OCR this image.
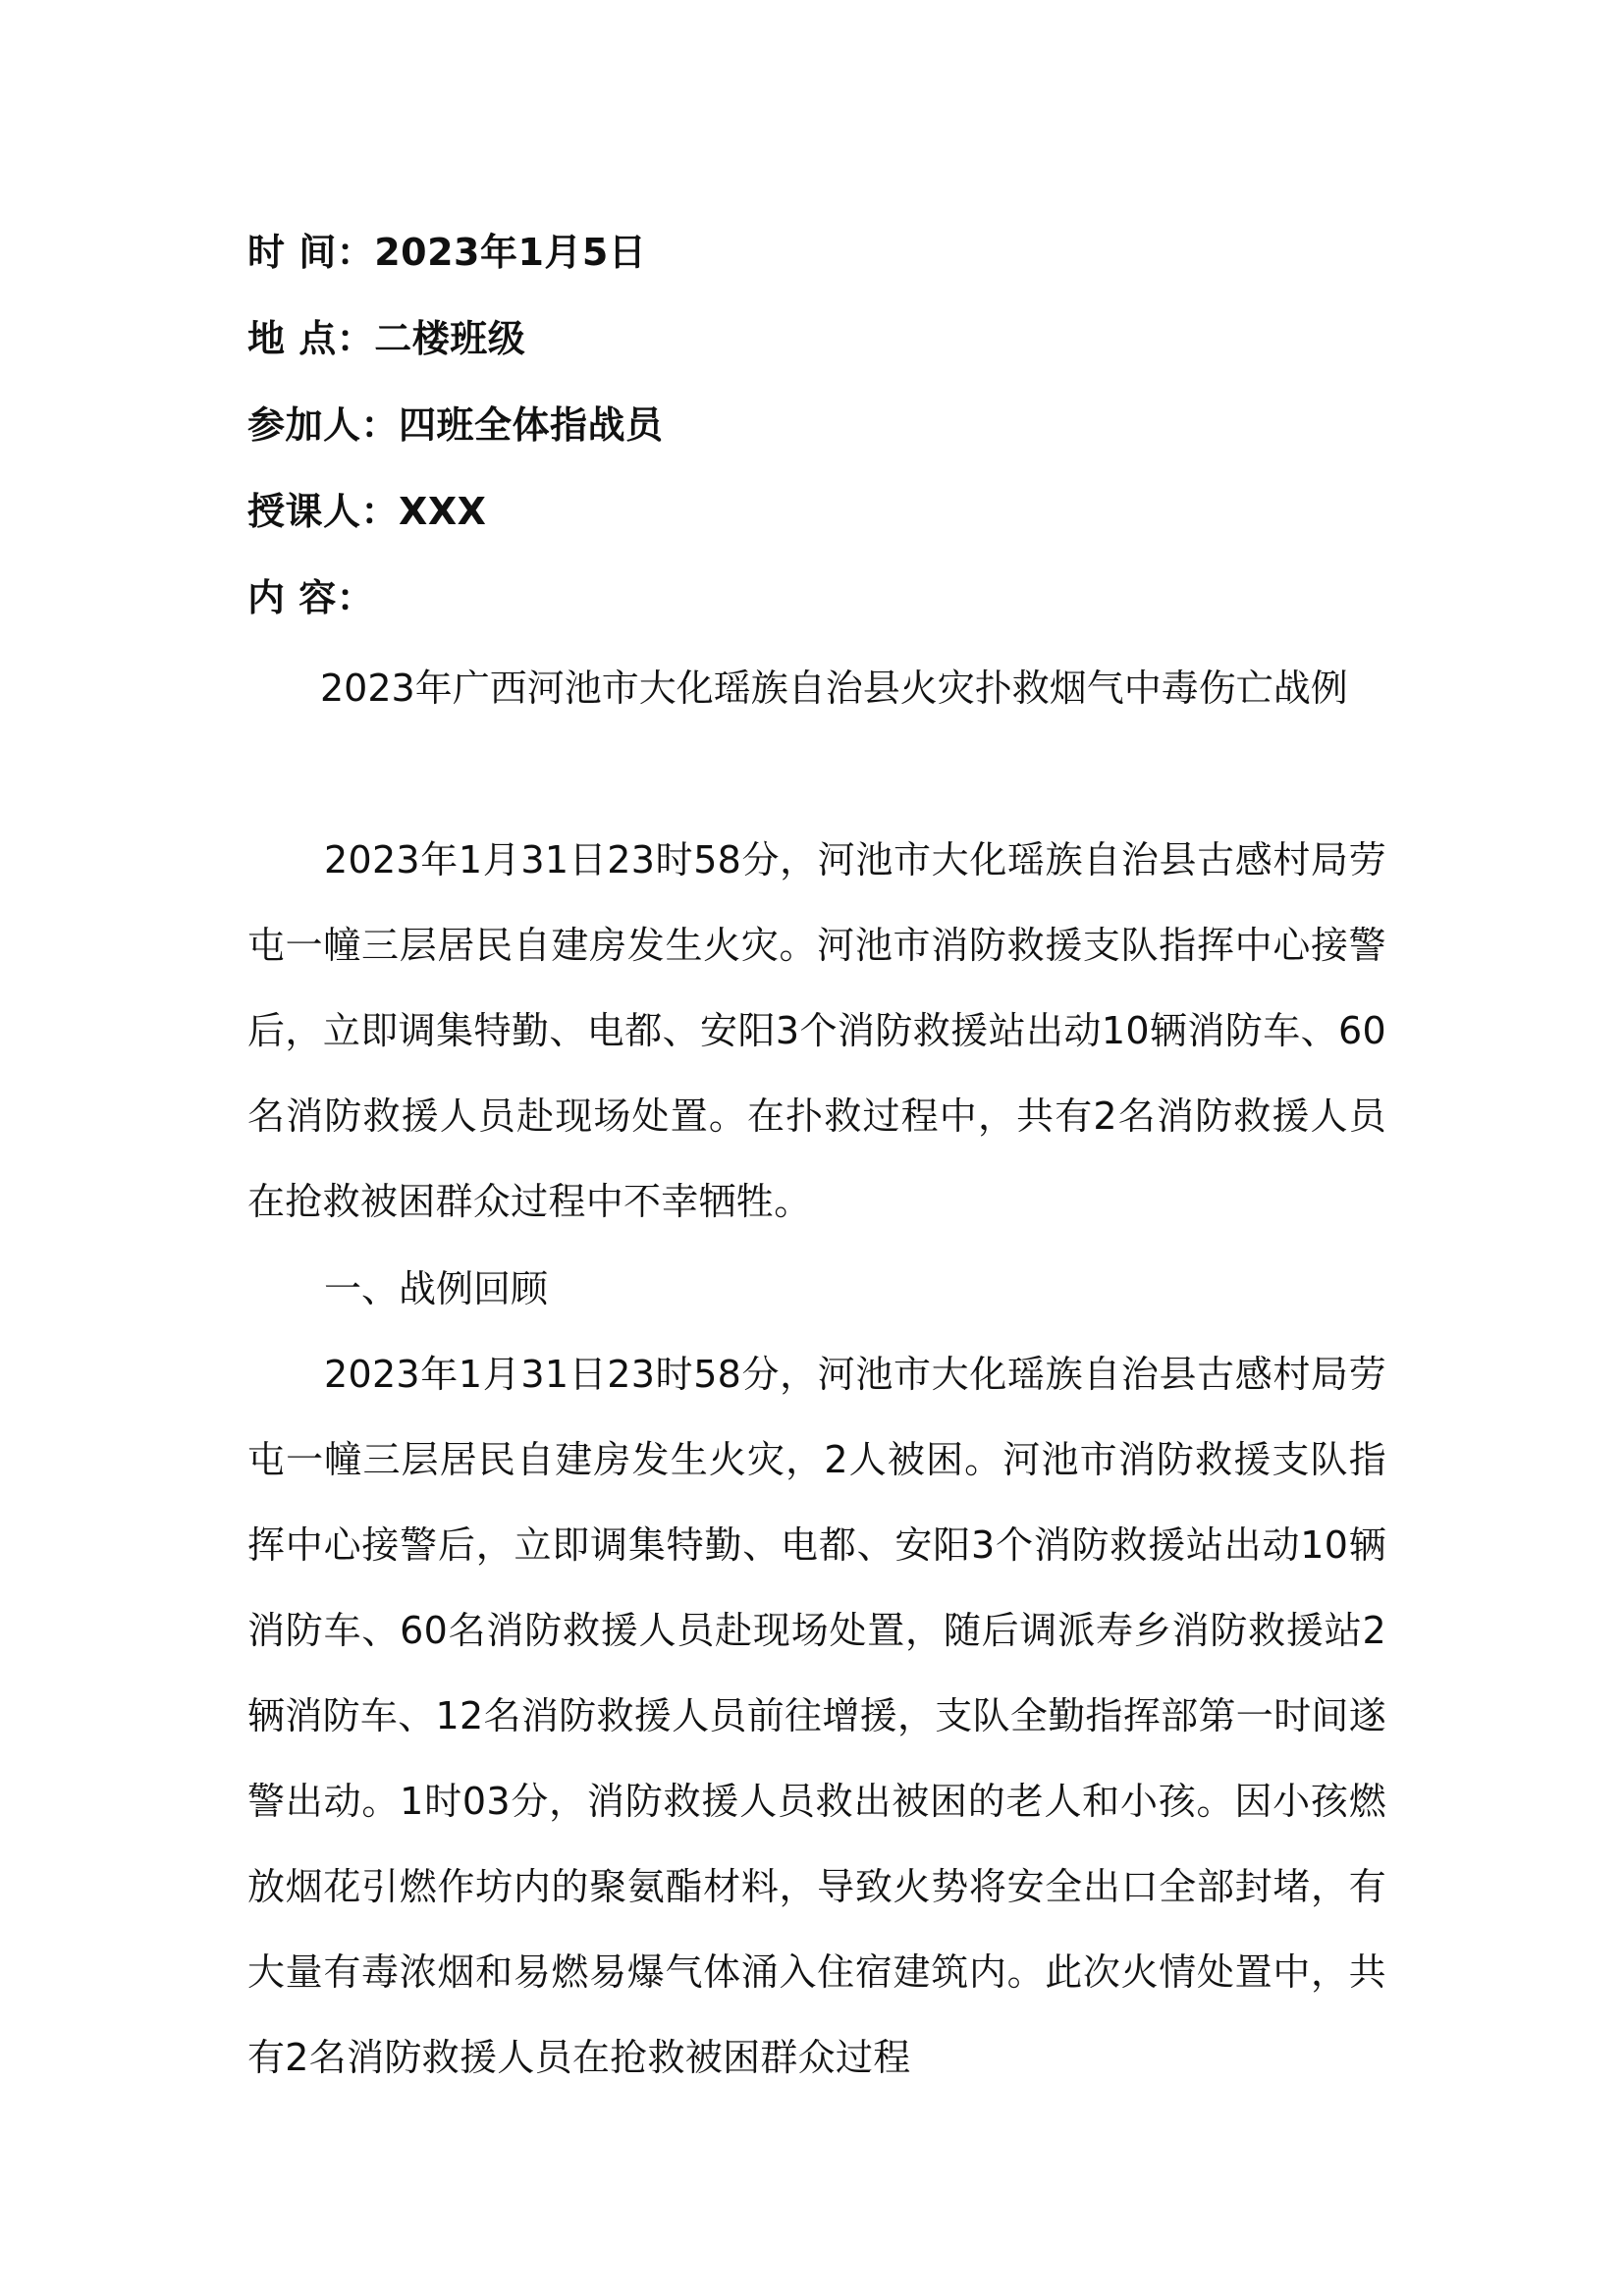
时 间：2023年1月5日
地 点：二楼班级
参加人：四班全体指战员
授课人：XXX
内 容：
2023年广西河池市大化瑶族自治县火灾扑救烟气中毒伤亡战例

2023年1月31日23时58分，河池市大化瑶族自治县古感村局劳屯一幢三层居民自建房发生火灾。河池市消防救援支队指挥中心接警后，立即调集特勤、电都、安阳3个消防救援站出动10辆消防车、60名消防救援人员赴现场处置。在扑救过程中，共有2名消防救援人员在抢救被困群众过程中不幸牺牲。

一、战例回顾

2023年1月31日23时58分，河池市大化瑶族自治县古感村局劳屯一幢三层居民自建房发生火灾，2人被困。河池市消防救援支队指挥中心接警后，立即调集特勤、电都、安阳3个消防救援站出动10辆消防车、60名消防救援人员赴现场处置，随后调派寿乡消防救援站2辆消防车、12名消防救援人员前往增援，支队全勤指挥部第一时间遂警出动。1时03分，消防救援人员救出被困的老人和小孩。因小孩燃放烟花引燃作坊内的聚氨酯材料，导致火势将安全出口全部封堵，有大量有毒浓烟和易燃易爆气体涌入住宿建筑内。此次火情处置中，共有2名消防救援人员在抢救被困群众过程
